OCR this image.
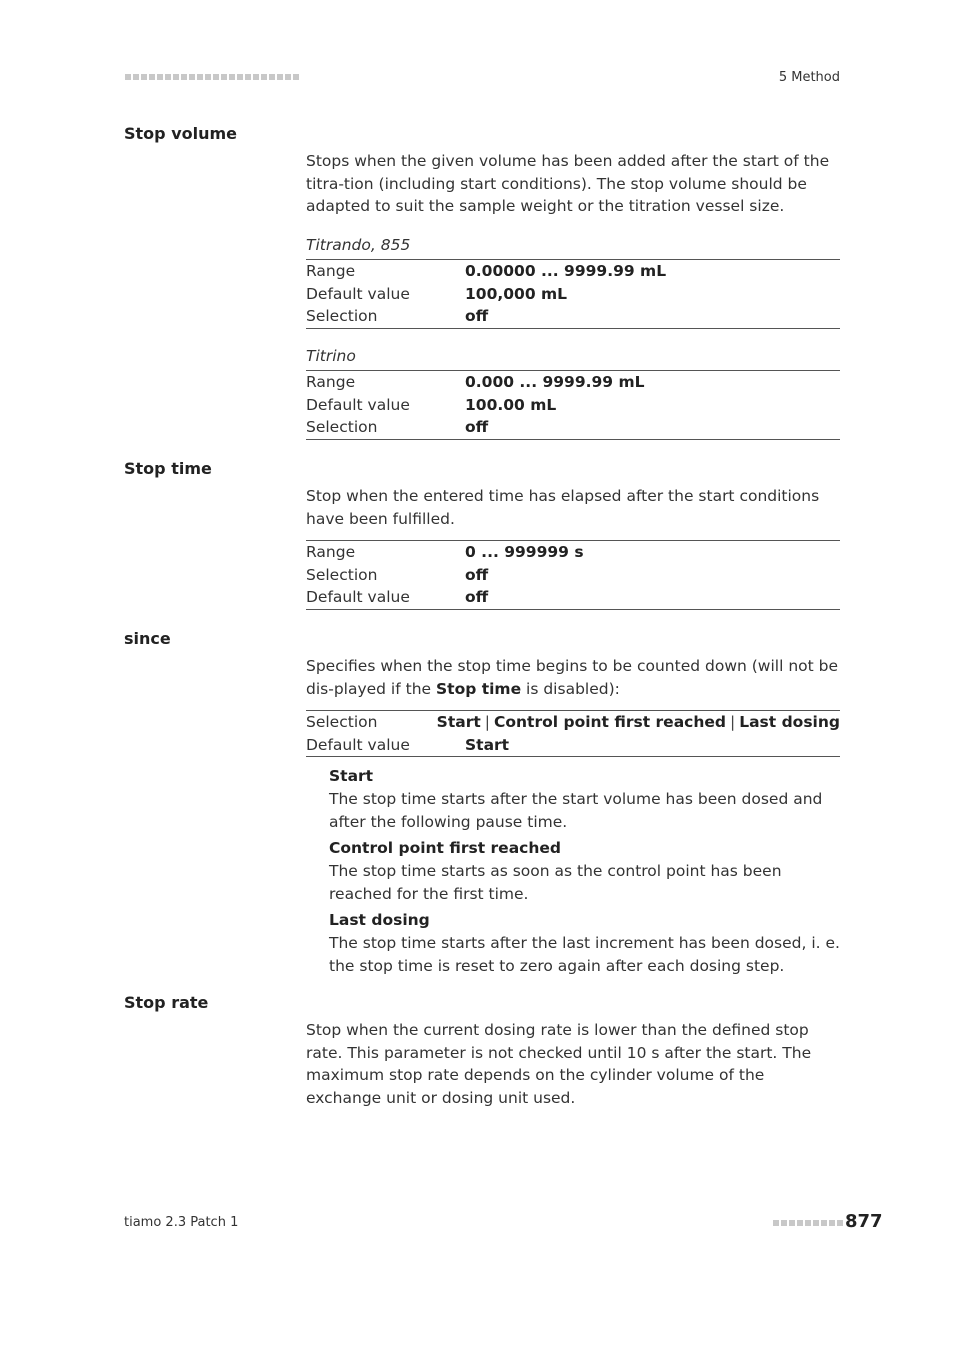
5 Method
Stop volume
Stops when the given volume has been added after the start of the titra-tion (including start conditions). The stop volume should be adapted to suit the sample weight or the titration vessel size.
Titrando, 855
Range	0.00000 ... 9999.99 mL
Default value	100,000 mL
Selection	off
Titrino
Range	0.000 ... 9999.99 mL
Default value	100.00 mL
Selection	off
Stop time
Stop when the entered time has elapsed after the start conditions have been fulfilled.
Range	0 ... 999999 s
Selection	off
Default value	off
since
Specifies when the stop time begins to be counted down (will not be dis-played if the Stop time is disabled):
Selection	Start | Control point first reached | Last dosing
Default value	Start
Start
The stop time starts after the start volume has been dosed and after the following pause time.
Control point first reached
The stop time starts as soon as the control point has been reached for the first time.
Last dosing
The stop time starts after the last increment has been dosed, i. e. the stop time is reset to zero again after each dosing step.
Stop rate
Stop when the current dosing rate is lower than the defined stop rate. This parameter is not checked until 10 s after the start. The maximum stop rate depends on the cylinder volume of the exchange unit or dosing unit used.
tiamo 2.3 Patch 1	877
